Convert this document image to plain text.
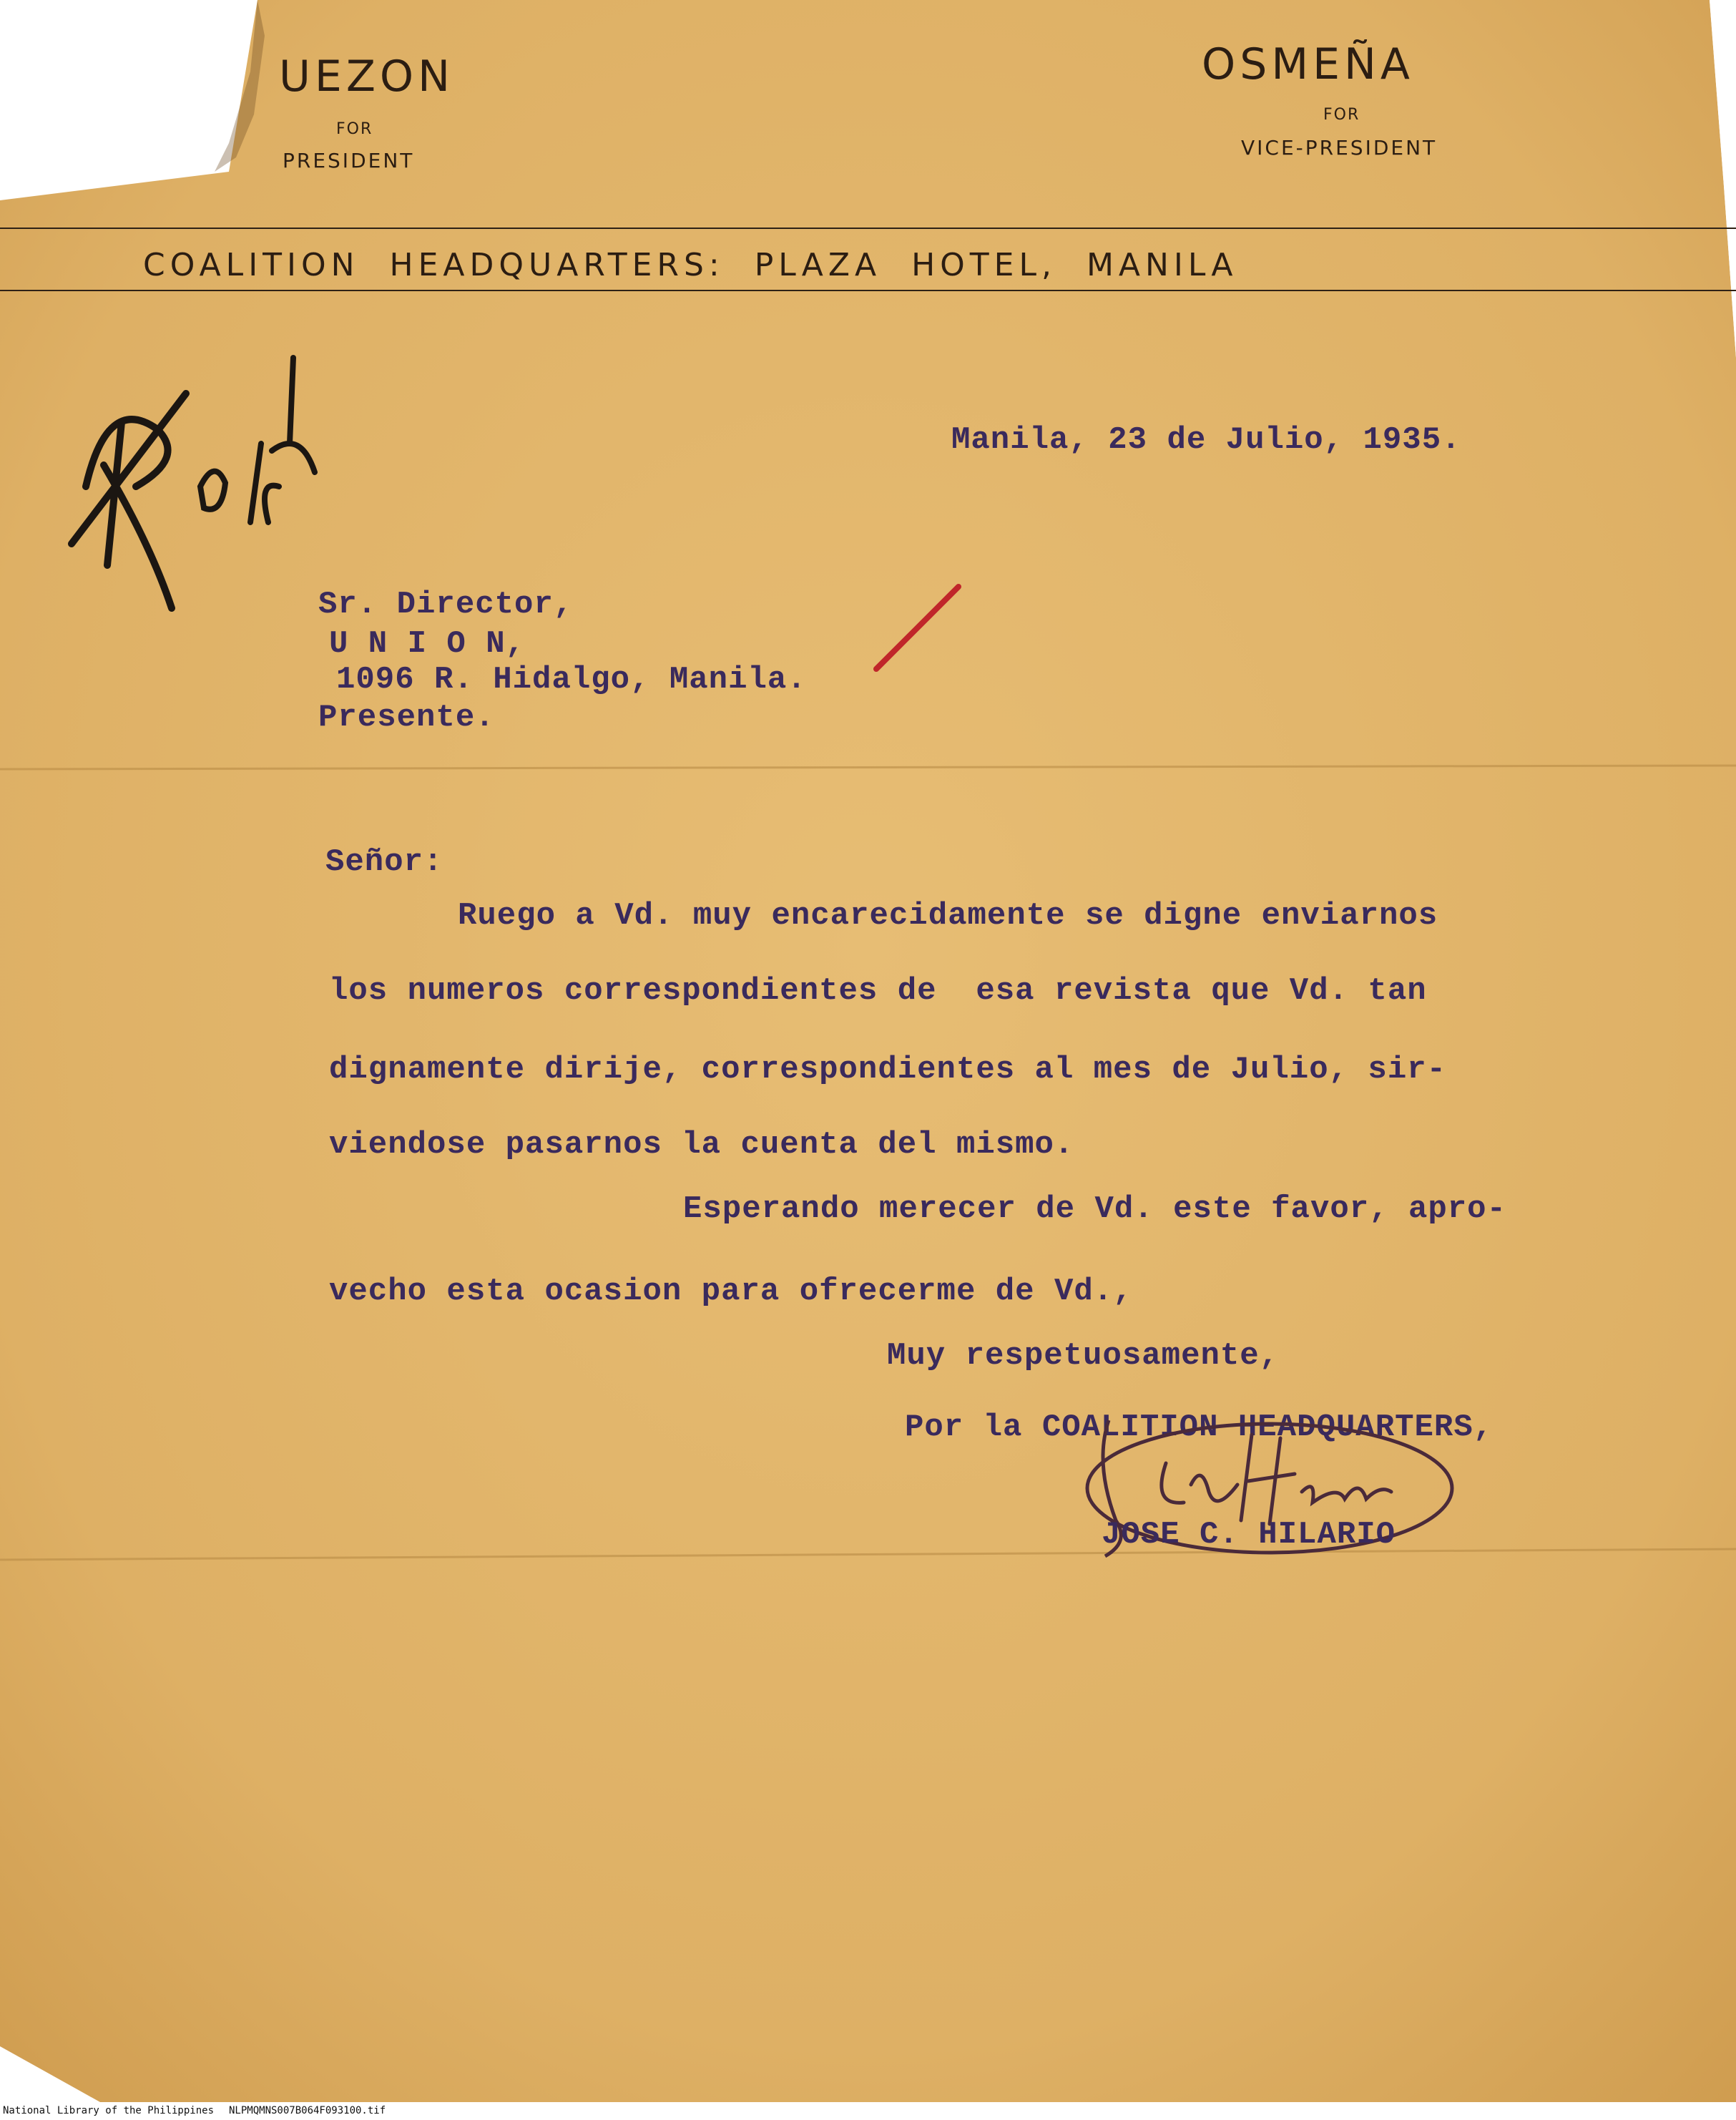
UEZON
FOR
PRESIDENT
OSMEÑA
FOR
VICE-PRESIDENT
COALITION  HEADQUARTERS:  PLAZA  HOTEL,  MANILA
Manila, 23 de Julio, 1935.
Sr. Director,
U N I O N,
1096 R. Hidalgo, Manila.
Presente.
Señor:
Ruego a Vd. muy encarecidamente se digne enviarnos
los numeros correspondientes de  esa revista que Vd. tan
dignamente dirije, correspondientes al mes de Julio, sir-
viendose pasarnos la cuenta del mismo.
Esperando merecer de Vd. este favor, apro-
vecho esta ocasion para ofrecerme de Vd.,
Muy respetuosamente,
Por la COALITION HEADQUARTERS,
JOSE C. HILARIO
National Library of the Philippines NLPMQMNS007B064F093100.tif
